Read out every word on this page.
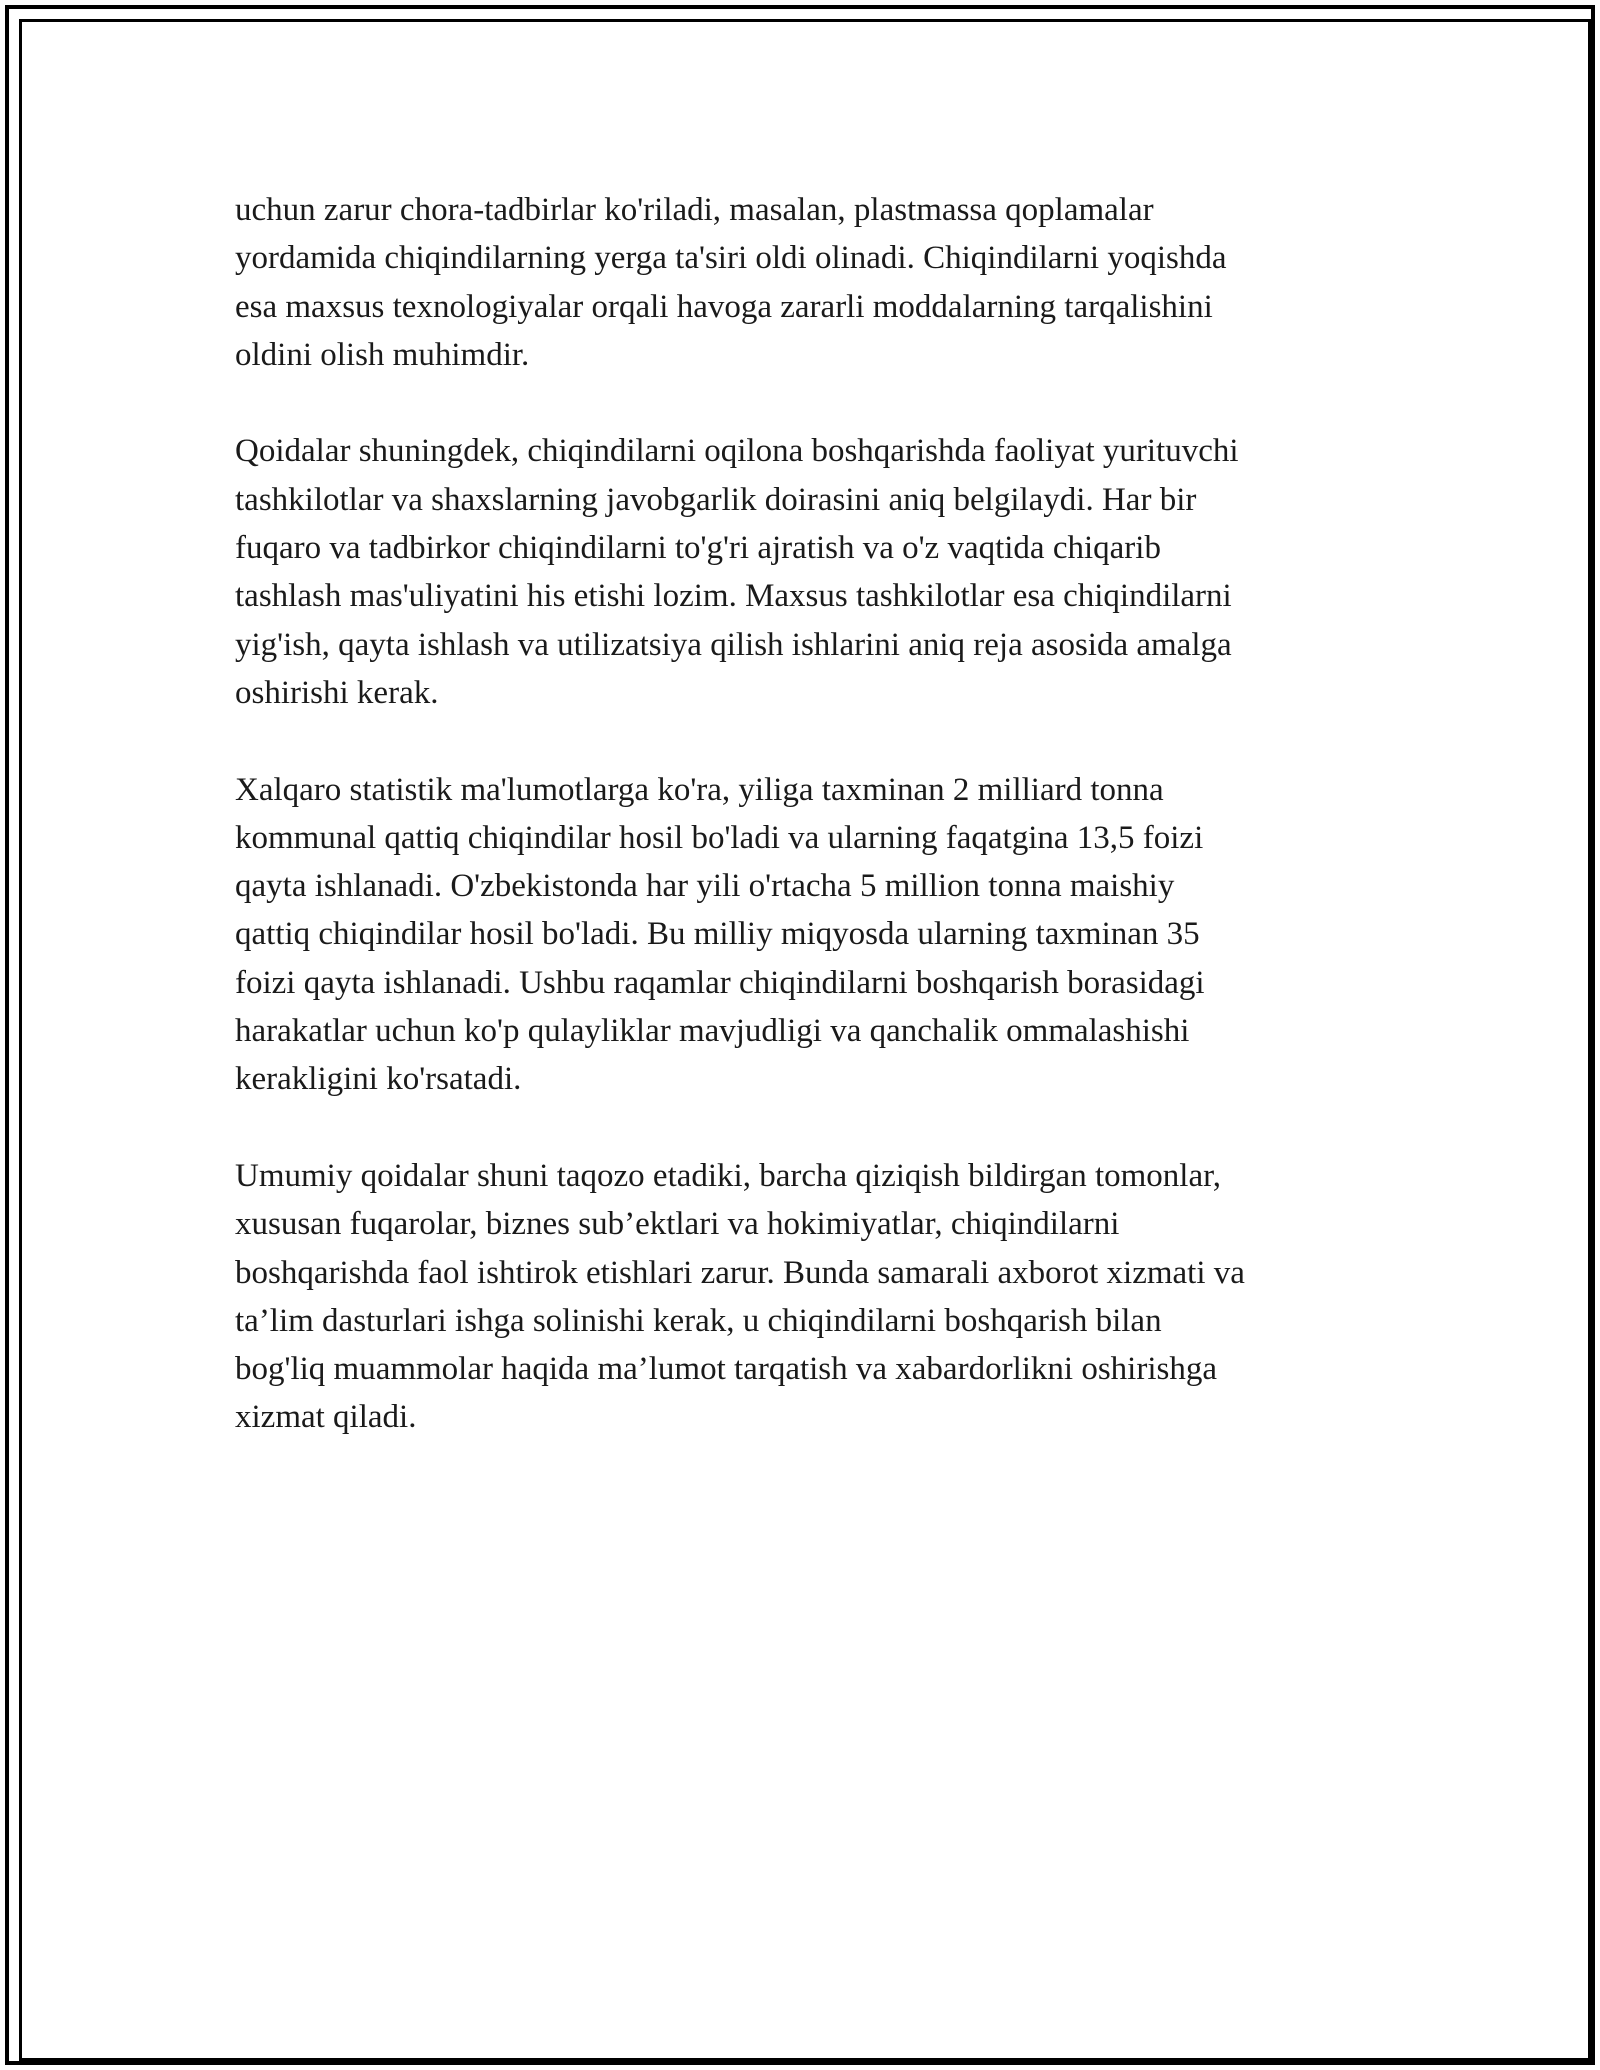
uchun zarur chora-tadbirlar ko'riladi, masalan, plastmassa qoplamalar
yordamida chiqindilarning yerga ta'siri oldi olinadi. Chiqindilarni yoqishda
esa maxsus texnologiyalar orqali havoga zararli moddalarning tarqalishini
oldini olish muhimdir.

Qoidalar shuningdek, chiqindilarni oqilona boshqarishda faoliyat yurituvchi
tashkilotlar va shaxslarning javobgarlik doirasini aniq belgilaydi. Har bir
fuqaro va tadbirkor chiqindilarni to'g'ri ajratish va o'z vaqtida chiqarib
tashlash mas'uliyatini his etishi lozim. Maxsus tashkilotlar esa chiqindilarni
yig'ish, qayta ishlash va utilizatsiya qilish ishlarini aniq reja asosida amalga
oshirishi kerak.

Xalqaro statistik ma'lumotlarga ko'ra, yiliga taxminan 2 milliard tonna
kommunal qattiq chiqindilar hosil bo'ladi va ularning faqatgina 13,5 foizi
qayta ishlanadi. O'zbekistonda har yili o'rtacha 5 million tonna maishiy
qattiq chiqindilar hosil bo'ladi. Bu milliy miqyosda ularning taxminan 35
foizi qayta ishlanadi. Ushbu raqamlar chiqindilarni boshqarish borasidagi
harakatlar uchun ko'p qulayliklar mavjudligi va qanchalik ommalashishi
kerakligini ko'rsatadi.

Umumiy qoidalar shuni taqozo etadiki, barcha qiziqish bildirgan tomonlar,
xususan fuqarolar, biznes sub’ektlari va hokimiyatlar, chiqindilarni
boshqarishda faol ishtirok etishlari zarur. Bunda samarali axborot xizmati va
ta’lim dasturlari ishga solinishi kerak, u chiqindilarni boshqarish bilan
bog'liq muammolar haqida ma’lumot tarqatish va xabardorlikni oshirishga
xizmat qiladi.
